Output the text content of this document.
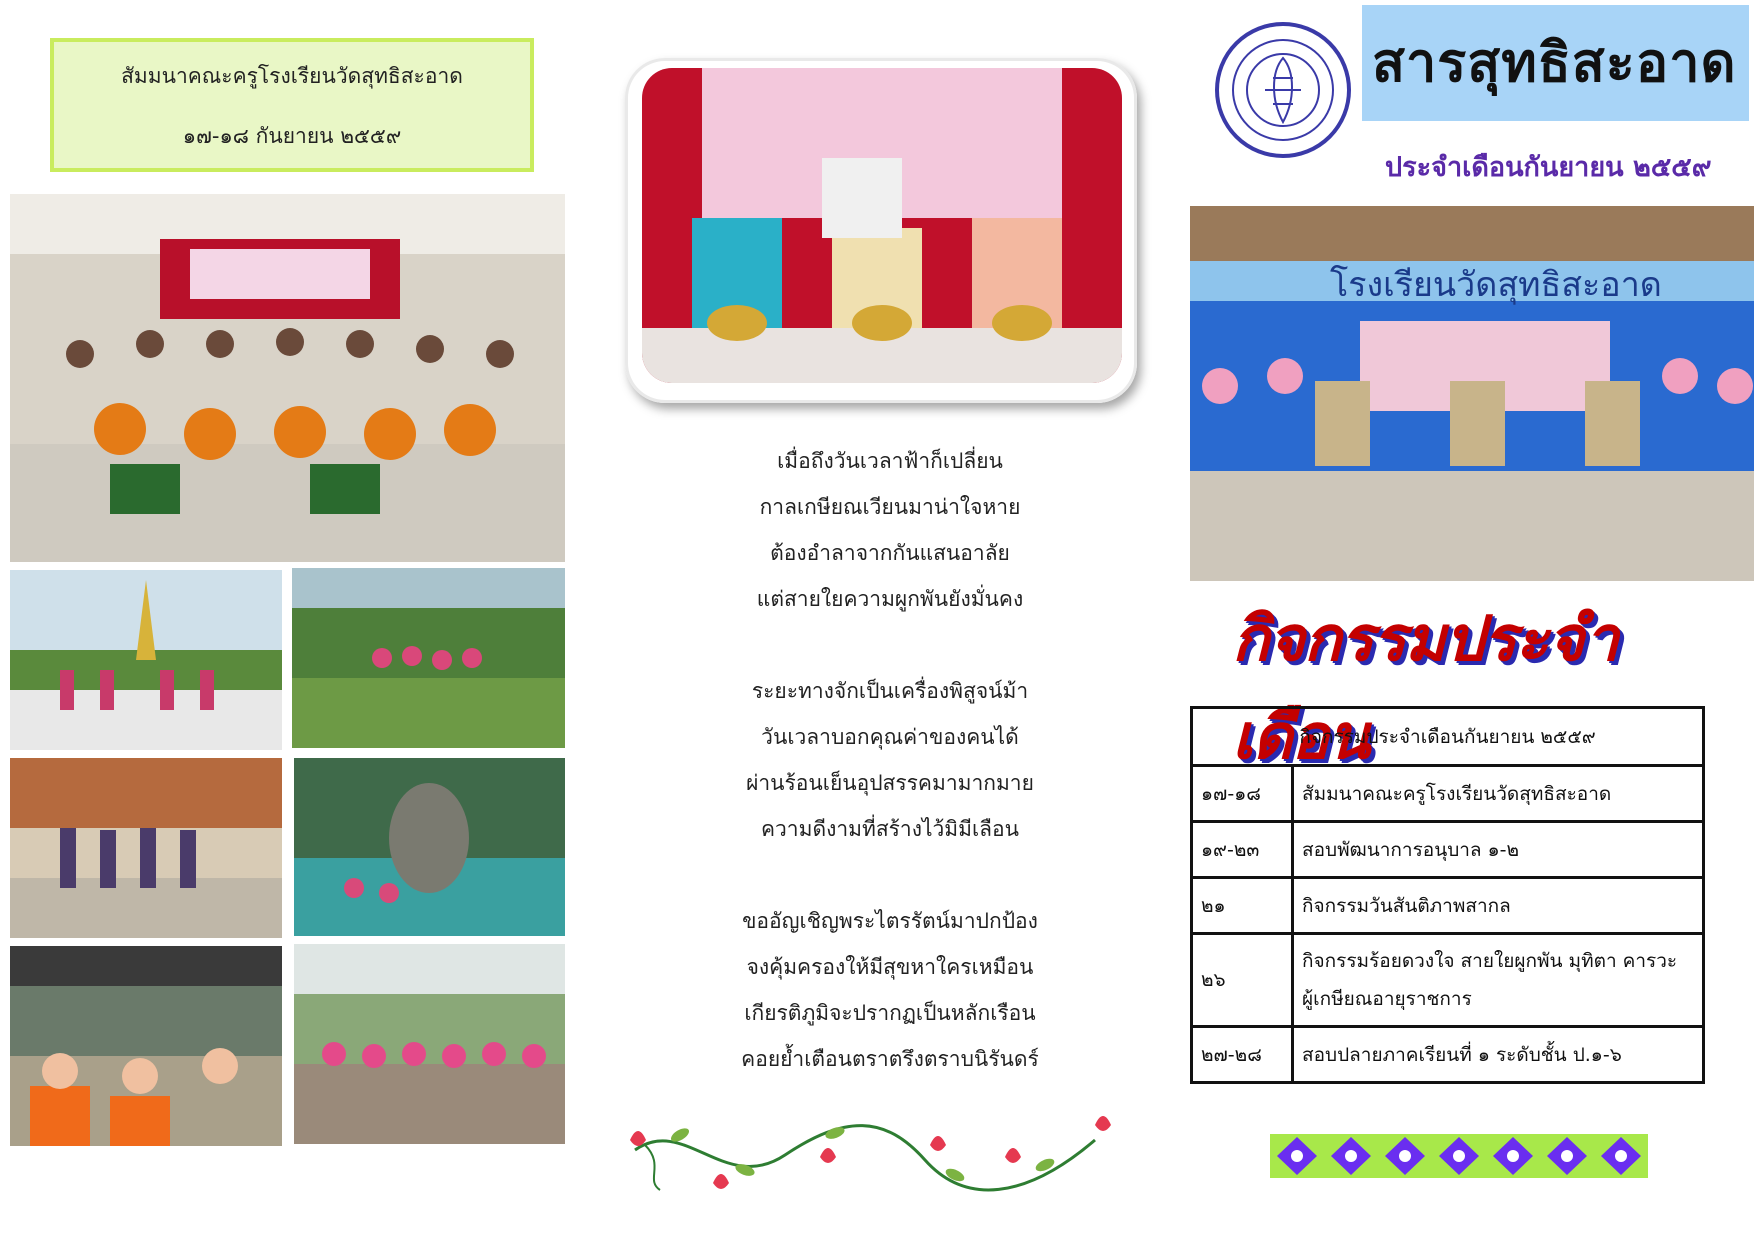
สัมมนาคณะครูโรงเรียนวัดสุทธิสะอาด
๑๗-๑๘ กันยายน ๒๕๕๙
เมื่อถึงวันเวลาฟ้าก็เปลี่ยน
กาลเกษียณเวียนมาน่าใจหาย
ต้องอำลาจากกันแสนอาลัย
แต่สายใยความผูกพันยังมั่นคง
ระยะทางจักเป็นเครื่องพิสูจน์ม้า
วันเวลาบอกคุณค่าของคนได้
ผ่านร้อนเย็นอุปสรรคมามากมาย
ความดีงามที่สร้างไว้มิมีเลือน
ขออัญเชิญพระไตรรัตน์มาปกป้อง
จงคุ้มครองให้มีสุขหาใครเหมือน
เกียรติภูมิจะปรากฏเป็นหลักเรือน
คอยย้ำเตือนตราตรึงตราบนิรันดร์
สารสุทธิสะอาด
ประจำเดือนกันยายน ๒๕๕๙
โรงเรียนวัดสุทธิสะอาด
กิจกรรมประจำเดือน
กิจกรรมประจำเดือนกันยายน ๒๕๕๙	
๑๗-๑๘	สัมมนาคณะครูโรงเรียนวัดสุทธิสะอาด
๑๙-๒๓	สอบพัฒนาการอนุบาล ๑-๒
๒๑	กิจกรรมวันสันติภาพสากล
๒๖	กิจกรรมร้อยดวงใจ สายใยผูกพัน มุทิตา คารวะ ผู้เกษียณอายุราชการ
๒๗-๒๘	สอบปลายภาคเรียนที่ ๑ ระดับชั้น ป.๑-๖
